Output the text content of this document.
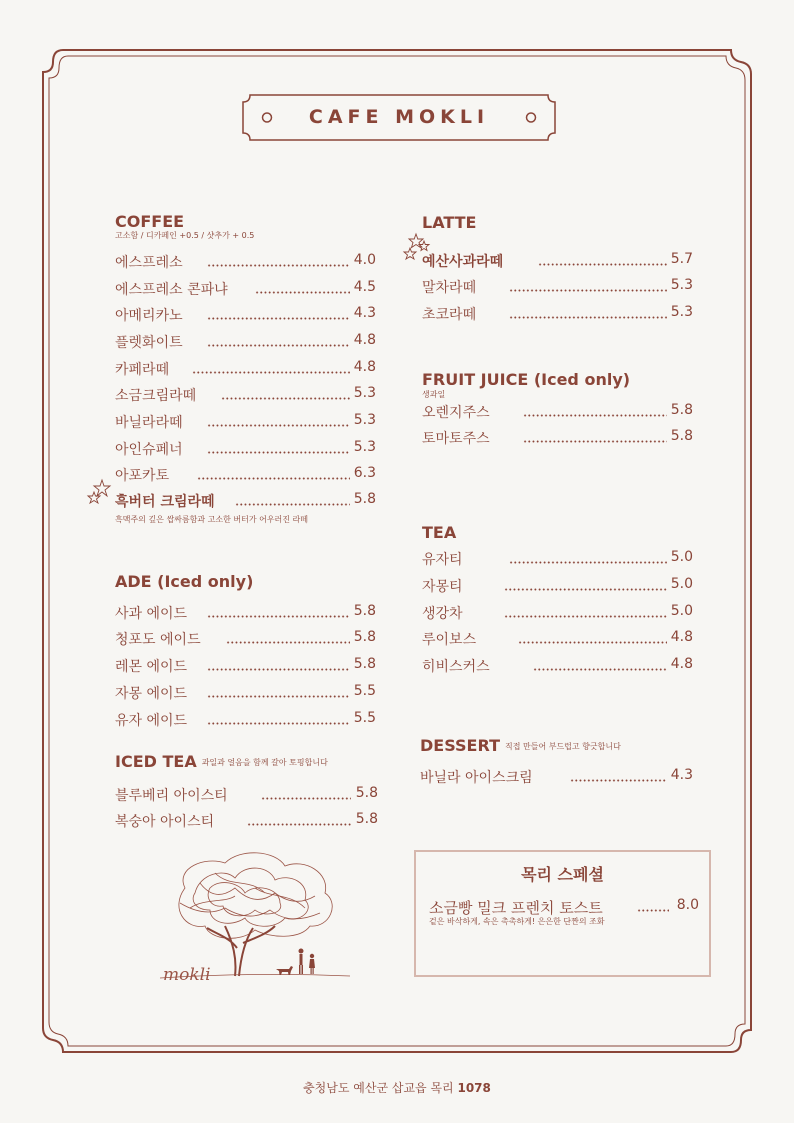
CAFE MOKLI
COFFEE
고소함 / 디카페인 +0.5 / 샷추가 + 0.5
에스프레소	4.0
에스프레소 콘파냐	4.5
아메리카노	4.3
플렛화이트	4.8
카페라떼	4.8
소금크림라떼	5.3
바닐라라떼	5.3
아인슈페너	5.3
아포카토	6.3
흑버터 크림라떼	5.8
흑맥주의 깊은 쌉싸름함과 고소한 버터가 어우러진 라떼
ADE (Iced only)
사과 에이드	5.8
청포도 에이드	5.8
레몬 에이드	5.8
자몽 에이드	5.5
유자 에이드	5.5
ICED TEA 과일과 얼음을 함께 갈아 토핑합니다
블루베리 아이스티	5.8
복숭아 아이스티	5.8
LATTE
예산사과라떼	5.7
말차라떼	5.3
초코라떼	5.3
FRUIT JUICE (Iced only)
생과일
오렌지주스	5.8
토마토주스	5.8
TEA
유자티	5.0
자몽티	5.0
생강차	5.0
루이보스	4.8
히비스커스	4.8
DESSERT 직접 만들어 부드럽고 향긋합니다
바닐라 아이스크림	4.3
목리 스페셜
소금빵 밀크 프렌치 토스트	8.0
겉은 바삭하게, 속은 촉촉하게! 은은한 단짠의 조화
mokli
충청남도 예산군 삽교읍 목리 1078
